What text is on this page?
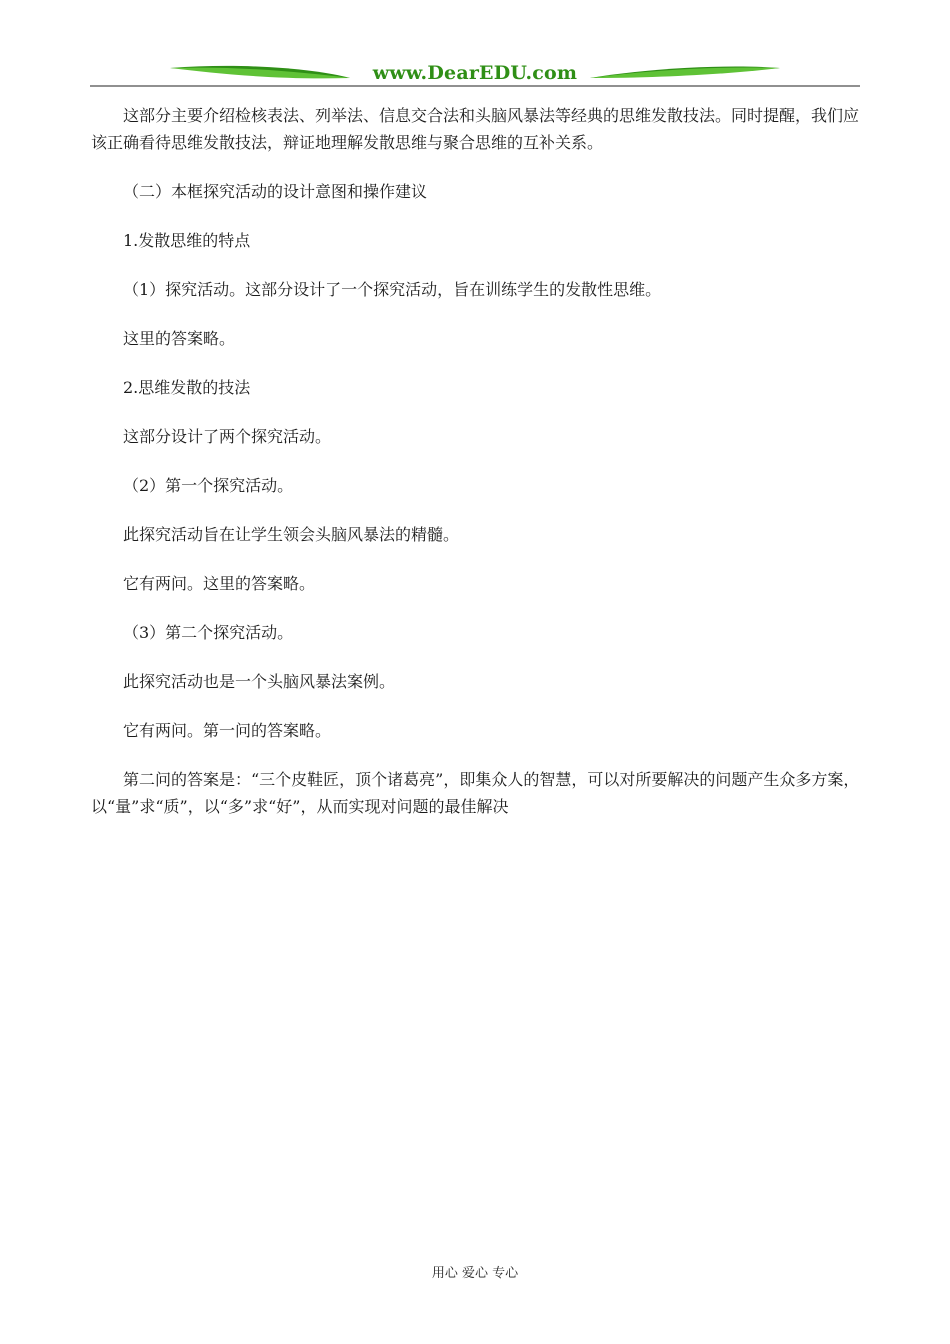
www.DearEDU.com

这部分主要介绍检核表法、列举法、信息交合法和头脑风暴法等经典的思维发散技法。同时提醒，我们应该正确看待思维发散技法，辩证地理解发散思维与聚合思维的互补关系。

（二）本框探究活动的设计意图和操作建议

1.发散思维的特点

（1）探究活动。这部分设计了一个探究活动，旨在训练学生的发散性思维。

这里的答案略。

2.思维发散的技法

这部分设计了两个探究活动。

（2）第一个探究活动。

此探究活动旨在让学生领会头脑风暴法的精髓。

它有两问。这里的答案略。

（3）第二个探究活动。

此探究活动也是一个头脑风暴法案例。

它有两问。第一问的答案略。

第二问的答案是：“三个皮鞋匠，顶个诸葛亮”，即集众人的智慧，可以对所要解决的问题产生众多方案，以“量”求“质”，以“多”求“好”，从而实现对问题的最佳解决

用心 爱心 专心
